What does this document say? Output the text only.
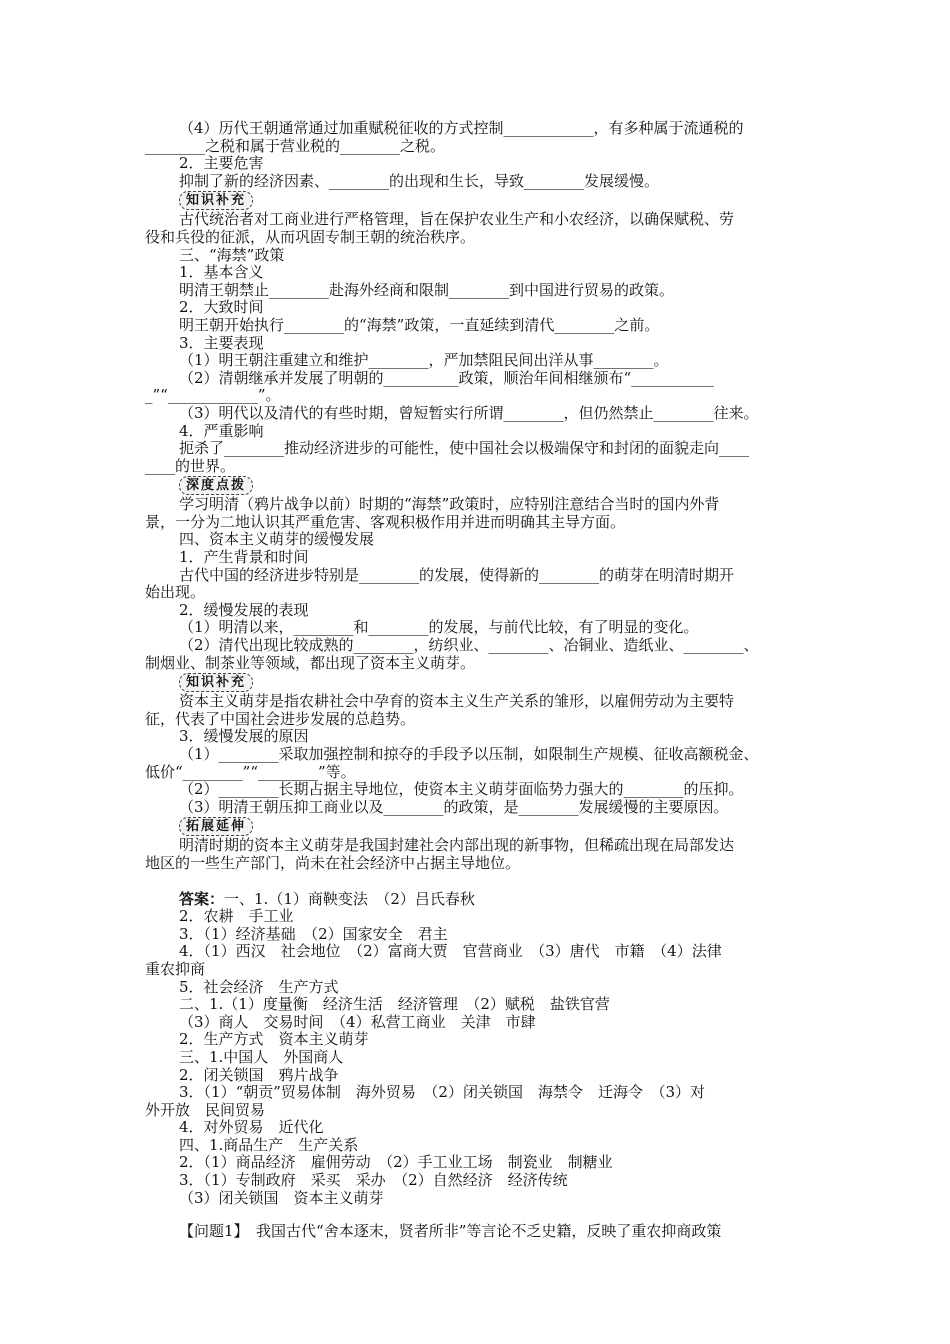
（4）历代王朝通常通过加重赋税征收的方式控制____________，有多种属于流通税的

________之税和属于营业税的________之税。

2．主要危害

抑制了新的经济因素、________的出现和生长，导致________发展缓慢。

知识补充

古代统治者对工商业进行严格管理，旨在保护农业生产和小农经济，以确保赋税、劳

役和兵役的征派，从而巩固专制王朝的统治秩序。

三、“海禁”政策

1．基本含义

明清王朝禁止________赴海外经商和限制________到中国进行贸易的政策。

2．大致时间

明王朝开始执行________的“海禁”政策，一直延续到清代________之前。

3．主要表现

（1）明王朝注重建立和维护________，严加禁阻民间出洋从事________。

（2）清朝继承并发展了明朝的__________政策，顺治年间相继颁布“___________

_”“____________”。

（3）明代以及清代的有些时期，曾短暂实行所谓________，但仍然禁止________往来。

4．严重影响

扼杀了________推动经济进步的可能性，使中国社会以极端保守和封闭的面貌走向____

____的世界。

深度点拨

学习明清（鸦片战争以前）时期的“海禁”政策时，应特别注意结合当时的国内外背

景，一分为二地认识其严重危害、客观积极作用并进而明确其主导方面。

四、资本主义萌芽的缓慢发展

1．产生背景和时间

古代中国的经济进步特别是________的发展，使得新的________的萌芽在明清时期开

始出现。

2．缓慢发展的表现

（1）明清以来，________和________的发展，与前代比较，有了明显的变化。

（2）清代出现比较成熟的________，纺织业、________、冶铜业、造纸业、________、

制烟业、制茶业等领域，都出现了资本主义萌芽。

知识补充

资本主义萌芽是指农耕社会中孕育的资本主义生产关系的雏形，以雇佣劳动为主要特

征，代表了中国社会进步发展的总趋势。

3．缓慢发展的原因

（1）________采取加强控制和掠夺的手段予以压制，如限制生产规模、征收高额税金、

低价“________”“________”等。

（2）________长期占据主导地位，使资本主义萌芽面临势力强大的________的压抑。

（3）明清王朝压抑工商业以及________的政策，是________发展缓慢的主要原因。

拓展延伸

明清时期的资本主义萌芽是我国封建社会内部出现的新事物，但稀疏出现在局部发达

地区的一些生产部门，尚未在社会经济中占据主导地位。

答案：一、1.（1）商鞅变法　（2）吕氏春秋

2．农耕　手工业

3．（1）经济基础　（2）国家安全　君主

4．（1）西汉　社会地位　（2）富商大贾　官营商业　（3）唐代　市籍　（4）法律

重农抑商

5．社会经济　生产方式

二、1.（1）度量衡　经济生活　经济管理　（2）赋税　盐铁官营

（3）商人　交易时间　（4）私营工商业　关津　市肆

2．生产方式　资本主义萌芽

三、1.中国人　外国商人

2．闭关锁国　鸦片战争

3．（1）“朝贡”贸易体制　海外贸易　（2）闭关锁国　海禁令　迁海令　（3）对

外开放　民间贸易

4．对外贸易　近代化

四、1.商品生产　生产关系

2．（1）商品经济　雇佣劳动　（2）手工业工场　制瓷业　制糖业

3．（1）专制政府　采买　采办　（2）自然经济　经济传统

（3）闭关锁国　资本主义萌芽

【问题1】　我国古代“舍本逐末，贤者所非”等言论不乏史籍，反映了重农抑商政策
